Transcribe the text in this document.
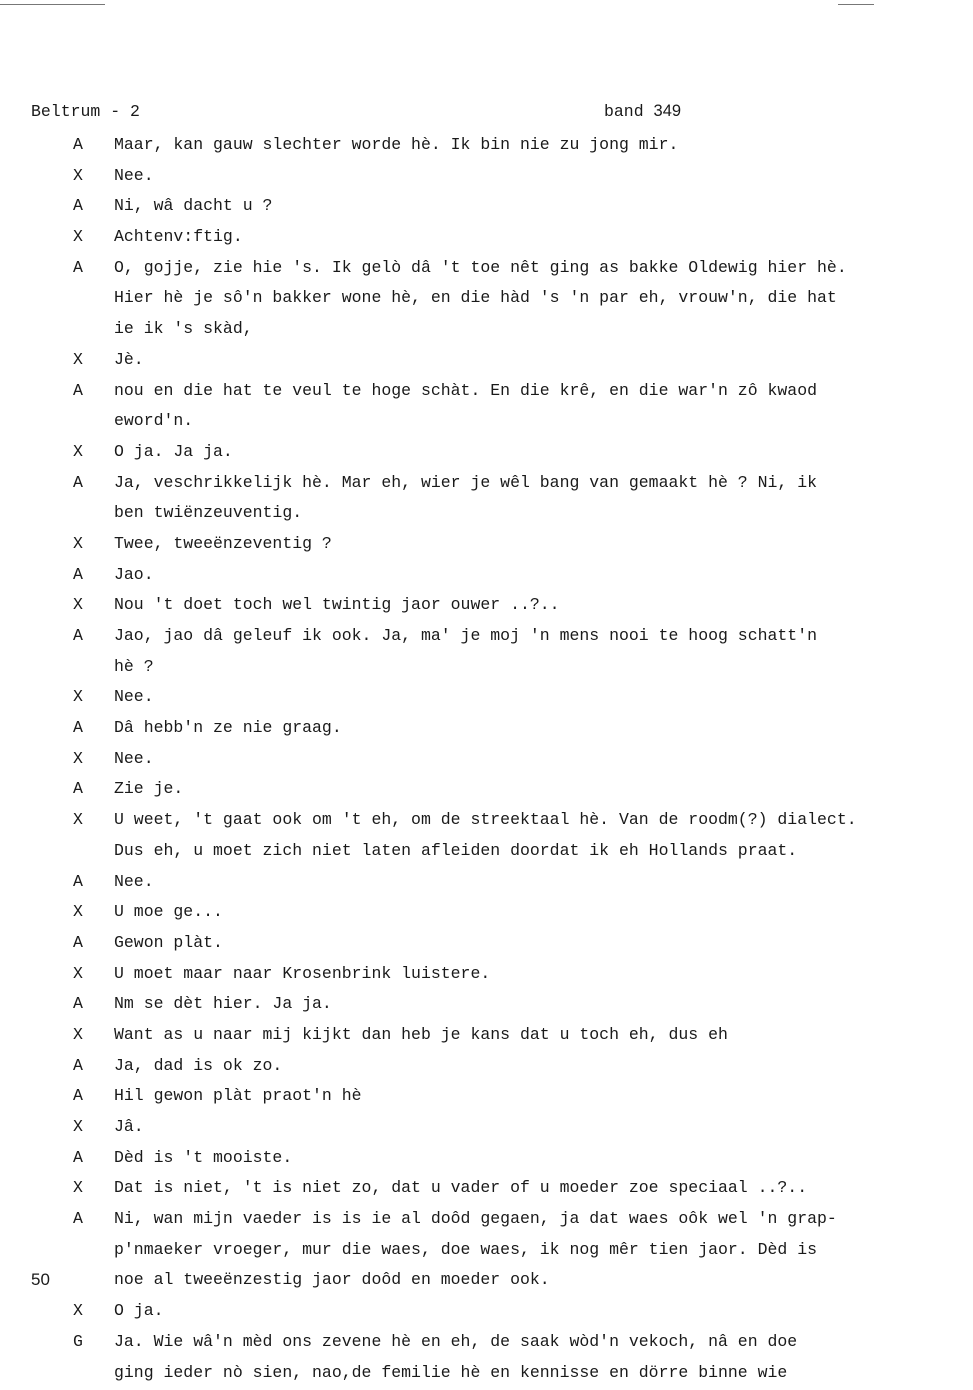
Beltrum - 2	band 349
A Maar, kan gauw slechter worde hè. Ik bin nie zu jong mir.
X Nee.
A Ni, wâ dacht u ?
X Achtenv:ftig.
A O, gojje, zie hie 's. Ik gelò dâ 't toe nêt ging as bakke Oldewig hier hè.
Hier hè je sô'n bakker wone hè, en die hàd 's 'n par eh, vrouw'n, die hat
ie ik 's skàd,
X Jè.
A nou en die hat te veul te hoge schàt. En die krê, en die war'n zô kwaod
eword'n.
X O ja. Ja ja.
A Ja, veschrikkelijk hè. Mar eh, wier je wêl bang van gemaakt hè ? Ni, ik
ben twiënzeuventig.
X Twee, tweeënzeventig ?
A Jao.
X Nou 't doet toch wel twintig jaor ouwer ..?..
A Jao, jao dâ geleuf ik ook. Ja, ma' je moj 'n mens nooi te hoog schatt'n
hè ?
X Nee.
A Dâ hebb'n ze nie graag.
X Nee.
A Zie je.
X U weet, 't gaat ook om 't eh, om de streektaal hè. Van de roodm(?) dialect.
Dus eh, u moet zich niet laten afleiden doordat ik eh Hollands praat.
A Nee.
X U moe ge...
A Gewon plàt.
X U moet maar naar Krosenbrink luistere.
A Nm se dèt hier. Ja ja.
X Want as u naar mij kijkt dan heb je kans dat u toch eh, dus eh
A Ja, dad is ok zo.
A Hil gewon plàt praot'n hè
X Jâ.
A Dèd is 't mooiste.
X Dat is niet, 't is niet zo, dat u vader of u moeder zoe speciaal ..?..
A Ni, wan mijn vaeder is is ie al doôd gegaen, ja dat waes oôk wel 'n grap-
p'nmaeker vroeger, mur die waes, doe waes, ik nog mêr tien jaor. Dèd is
noe al tweeënzestig jaor doôd en moeder ook.
50
X O ja.
G Ja. Wie wâ'n mèd ons zevene hè en eh, de saak wòd'n vekoch, nâ en doe
ging ieder nò sien, nao,de femilie hè en kennisse en dörre binne wie
